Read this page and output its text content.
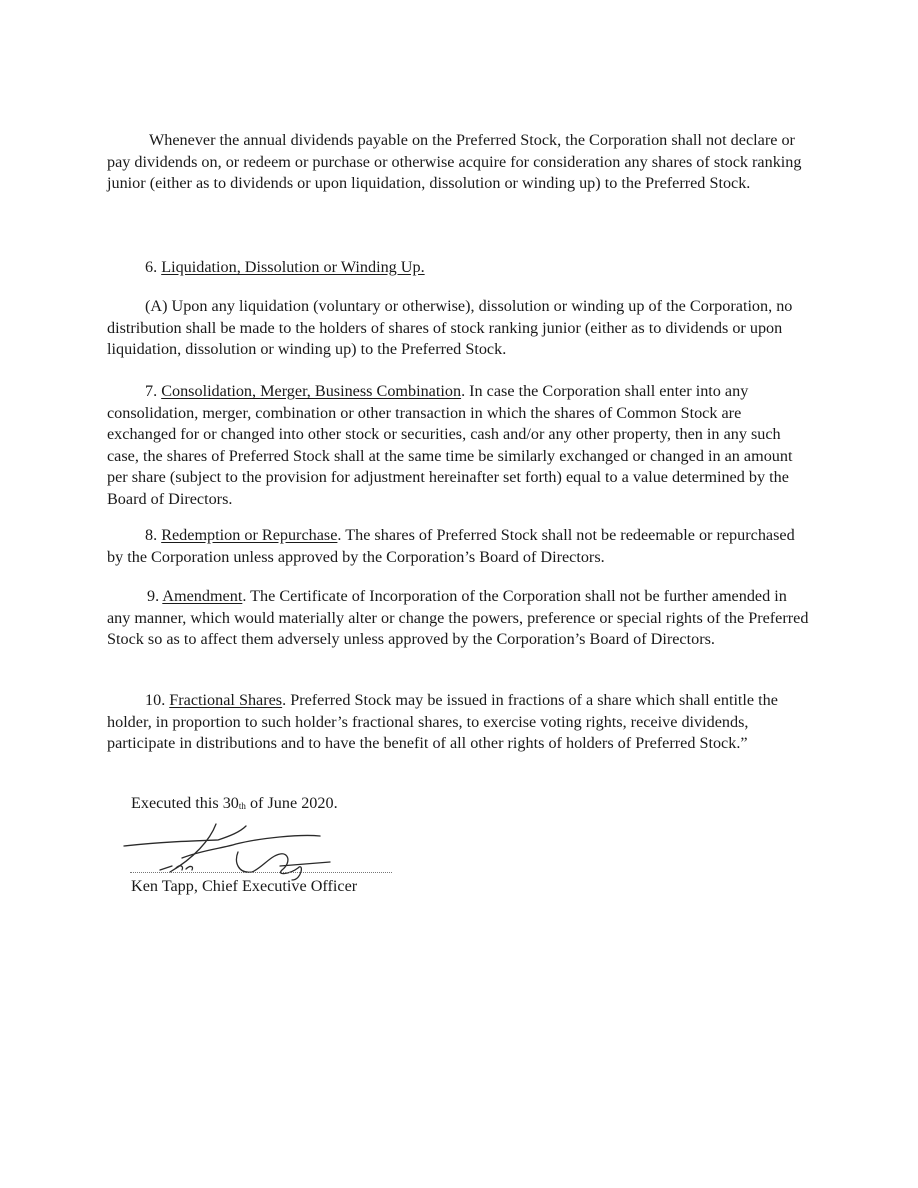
Whenever the annual dividends payable on the Preferred Stock, the Corporation shall not declare or pay dividends on, or redeem or purchase or otherwise acquire for consideration any shares of stock ranking junior (either as to dividends or upon liquidation, dissolution or winding up) to the Preferred Stock.

6. Liquidation, Dissolution or Winding Up.

(A) Upon any liquidation (voluntary or otherwise), dissolution or winding up of the Corporation, no distribution shall be made to the holders of shares of stock ranking junior (either as to dividends or upon liquidation, dissolution or winding up) to the Preferred Stock.

7. Consolidation, Merger, Business Combination. In case the Corporation shall enter into any consolidation, merger, combination or other transaction in which the shares of Common Stock are exchanged for or changed into other stock or securities, cash and/or any other property, then in any such case, the shares of Preferred Stock shall at the same time be similarly exchanged or changed in an amount per share (subject to the provision for adjustment hereinafter set forth) equal to a value determined by the Board of Directors.

8. Redemption or Repurchase. The shares of Preferred Stock shall not be redeemable or repurchased by the Corporation unless approved by the Corporation’s Board of Directors.

9. Amendment. The Certificate of Incorporation of the Corporation shall not be further amended in any manner, which would materially alter or change the powers, preference or special rights of the Preferred Stock so as to affect them adversely unless approved by the Corporation’s Board of Directors.

10. Fractional Shares. Preferred Stock may be issued in fractions of a share which shall entitle the holder, in proportion to such holder’s fractional shares, to exercise voting rights, receive dividends, participate in distributions and to have the benefit of all other rights of holders of Preferred Stock.”

Executed this $30_{th}$ of June 2020.

Ken Tapp, Chief Executive Officer
